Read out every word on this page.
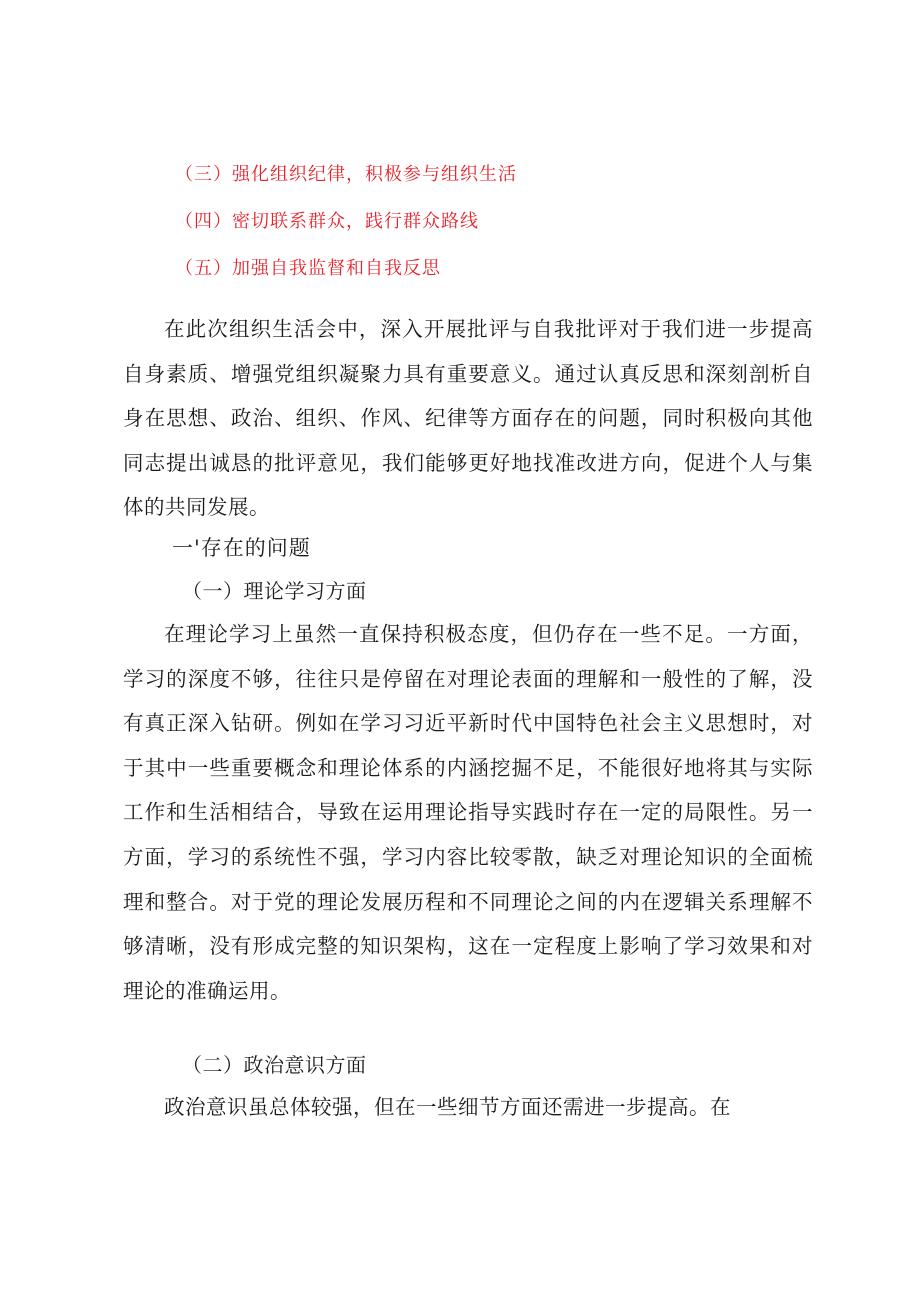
（三）强化组织纪律，积极参与组织生活
（四）密切联系群众，践行群众路线
（五）加强自我监督和自我反思

在此次组织生活会中，深入开展批评与自我批评对于我们进一步提高自身素质、增强党组织凝聚力具有重要意义。通过认真反思和深刻剖析自身在思想、政治、组织、作风、纪律等方面存在的问题，同时积极向其他同志提出诚恳的批评意见，我们能够更好地找准改进方向，促进个人与集体的共同发展。

一'存在的问题
（一）理论学习方面

在理论学习上虽然一直保持积极态度，但仍存在一些不足。一方面，学习的深度不够，往往只是停留在对理论表面的理解和一般性的了解，没有真正深入钻研。例如在学习习近平新时代中国特色社会主义思想时，对于其中一些重要概念和理论体系的内涵挖掘不足，不能很好地将其与实际工作和生活相结合，导致在运用理论指导实践时存在一定的局限性。另一方面，学习的系统性不强，学习内容比较零散，缺乏对理论知识的全面梳理和整合。对于党的理论发展历程和不同理论之间的内在逻辑关系理解不够清晰，没有形成完整的知识架构，这在一定程度上影响了学习效果和对理论的准确运用。

（二）政治意识方面

政治意识虽总体较强，但在一些细节方面还需进一步提高。在
